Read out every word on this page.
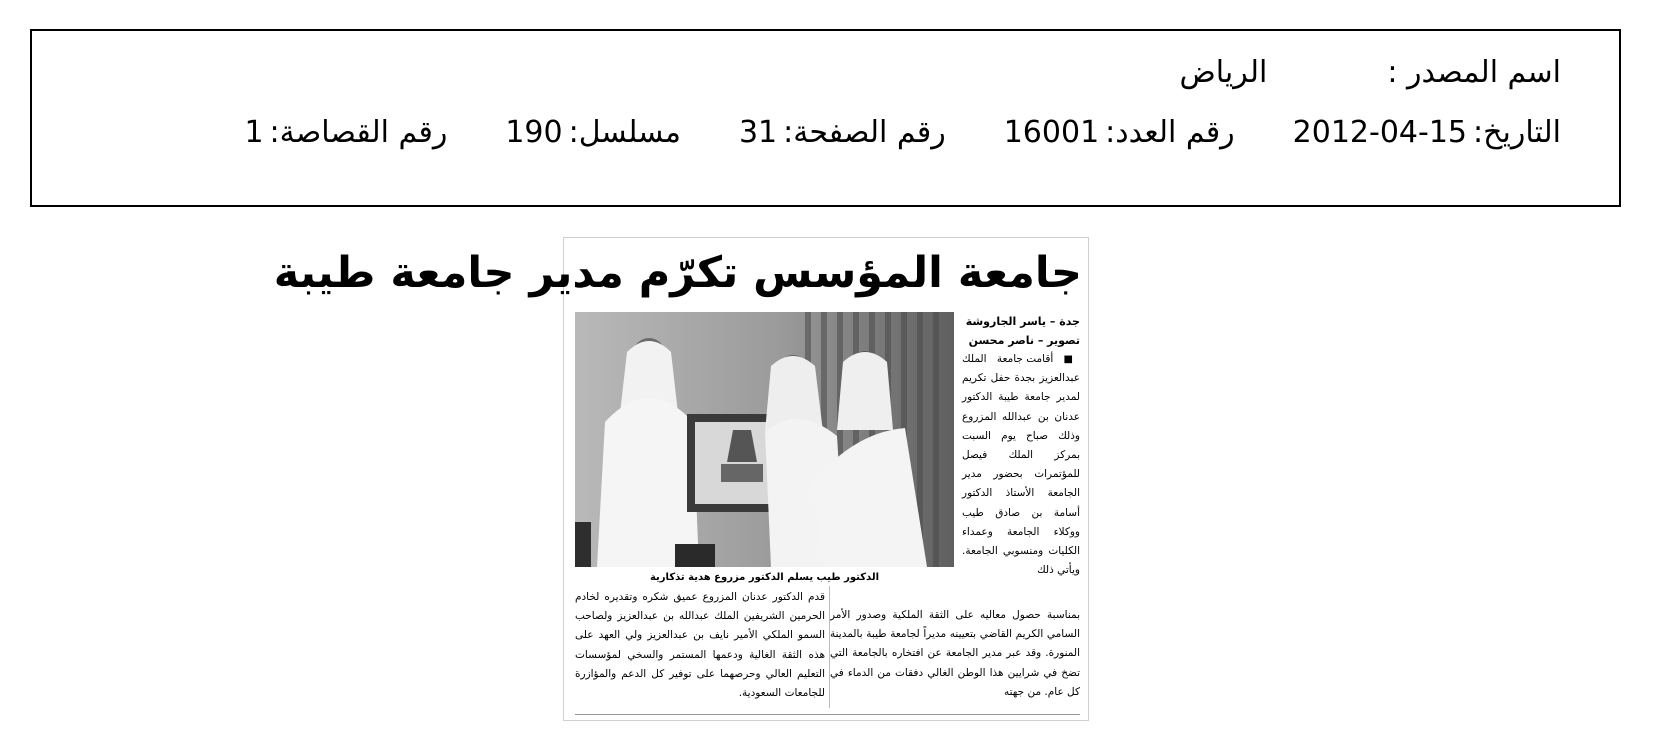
اسم المصدر :
الرياض
التاريخ:
2012-04-15
رقم العدد:
16001
رقم الصفحة:
31
مسلسل:
190
رقم القصاصة:
1
جامعة المؤسس تكرّم مدير جامعة طيبة
جدة – ياسر الجاروشة
تصوير – ناصر محسن
■ أقامت جامعة الملك عبدالعزيز بجدة حفل تكريم لمدير جامعة طيبة الدكتور عدنان بن عبدالله المزروع وذلك صباح يوم السبت بمركز الملك فيصل للمؤتمرات بحضور مدير الجامعة الأستاذ الدكتور أسامة بن صادق طيب ووكلاء الجامعة وعمداء الكليات ومنسوبي الجامعة. ويأتي ذلك
الدكتور طيب يسلم الدكتور مزروع هدية تذكارية
بمناسبة حصول معاليه على الثقة الملكية وصدور الأمر السامي الكريم القاضي بتعيينه مديراً لجامعة طيبة بالمدينة المنورة. وقد عبر مدير الجامعة عن افتخاره بالجامعة التي تضخ في شرايين هذا الوطن الغالي دفقات من الدماء في كل عام. من جهته
قدم الدكتور عدنان المزروع عميق شكره وتقديره لخادم الحرمين الشريفين الملك عبدالله بن عبدالعزيز ولصاحب السمو الملكي الأمير نايف بن عبدالعزيز ولي العهد على هذه الثقة الغالية ودعمها المستمر والسخي لمؤسسات التعليم العالي وحرصهما على توفير كل الدعم والمؤازرة للجامعات السعودية.
